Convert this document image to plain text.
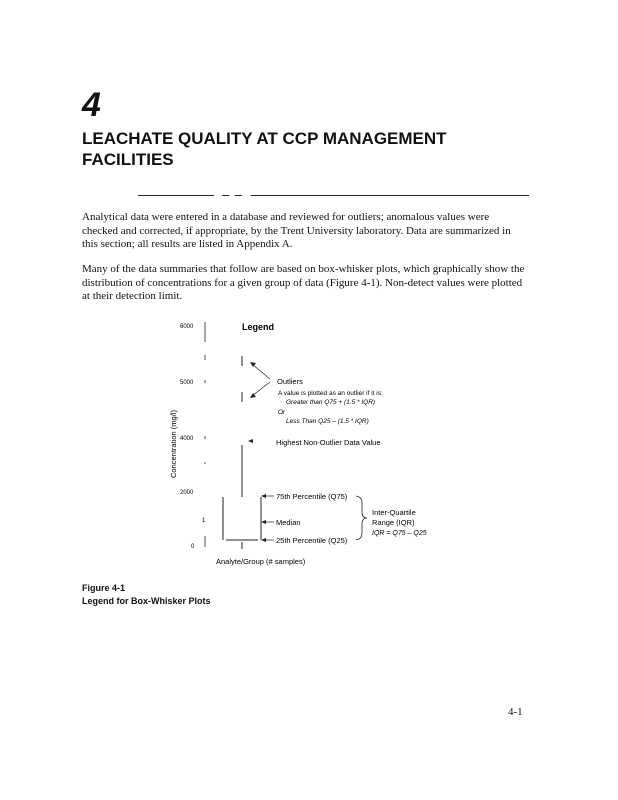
4
LEACHATE QUALITY AT CCP MANAGEMENT FACILITIES

Analytical data were entered in a database and reviewed for outliers; anomalous values were checked and corrected, if appropriate, by the Trent University laboratory. Data are summarized in this section; all results are listed in Appendix A.

Many of the data summaries that follow are based on box-whisker plots, which graphically show the distribution of concentrations for a given group of data (Figure 4-1). Non-detect values were plotted at their detection limit.

6000
5000
4000
2000
1
0
Concentration (mg/l)
Legend
Outliers
A value is plotted as an outlier if it is:
Greater than Q75 + (1.5 * IQR)
Or
Less Than Q25 – (1.5 * IQR)
Highest Non-Outlier Data Value
75th Percentile (Q75)
Median
25th Percentile (Q25)
Inter-Quartile
Range (IQR)
IQR = Q75 – Q25
Analyte/Group (# samples)
Figure 4-1
Legend for Box-Whisker Plots
4-1
